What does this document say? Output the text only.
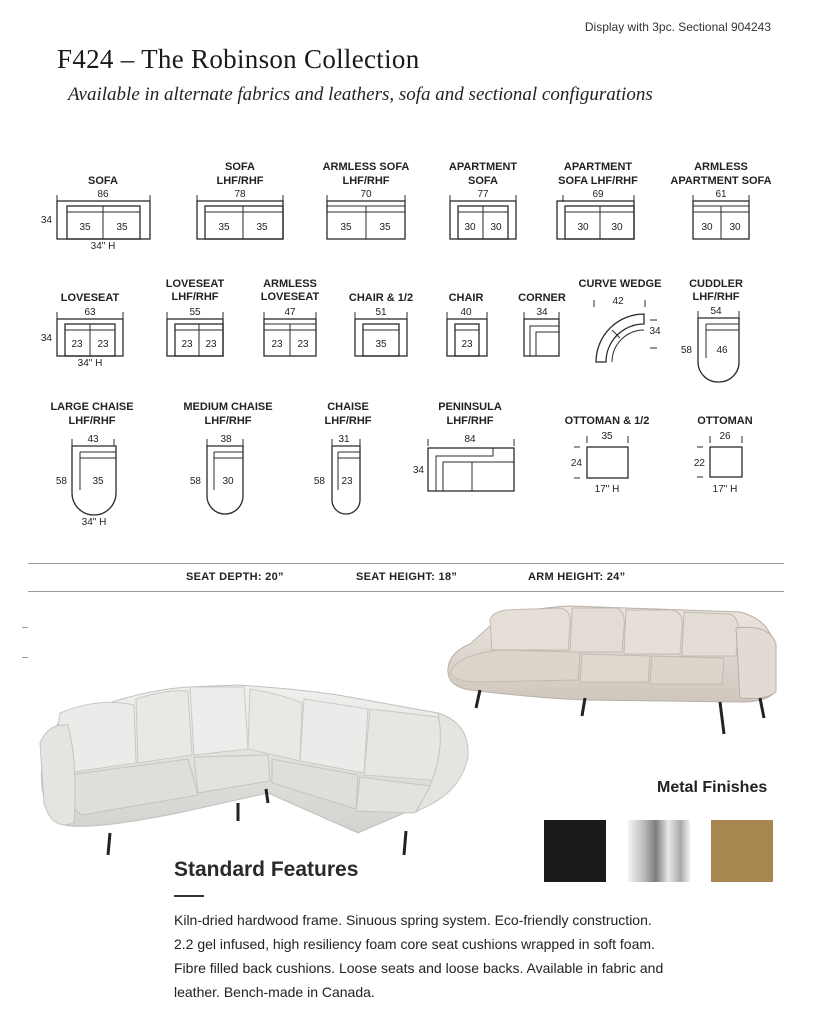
Display with 3pc. Sectional 904243
F424 – The Robinson Collection
Available in alternate fabrics and leathers, sofa and sectional configurations
SOFA
86
35	35
34
34" H
SOFA
LHF/RHF
78
35	35
ARMLESS SOFA
LHF/RHF
70
35	35
APARTMENT
SOFA
77
30 30
APARTMENT
SOFA LHF/RHF
69
30 30
ARMLESS
APARTMENT SOFA
61
30 30
LOVESEAT
63
23 23
34
34" H
LOVESEAT
LHF/RHF
55
23 23
ARMLESS
LOVESEAT
47
23 23
CHAIR & 1/2
51
35
CHAIR
40
23
CORNER
34
CURVE WEDGE
42
34
CUDDLER
LHF/RHF
54
46
58
LARGE CHAISE
LHF/RHF
43
35
58
34" H
MEDIUM CHAISE
LHF/RHF
38
30
58
CHAISE
LHF/RHF
31
23
58
PENINSULA
LHF/RHF
84
34
OTTOMAN & 1/2
35
24
17" H
OTTOMAN
26
22
17" H
SEAT DEPTH: 20”	SEAT HEIGHT: 18”	ARM HEIGHT: 24”
Metal Finishes
Standard Features
Kiln-dried hardwood frame. Sinuous spring system. Eco-friendly construction. 2.2 gel infused, high resiliency foam core seat cushions wrapped in soft foam. Fibre filled back cushions. Loose seats and loose backs. Available in fabric and leather. Bench-made in Canada.
